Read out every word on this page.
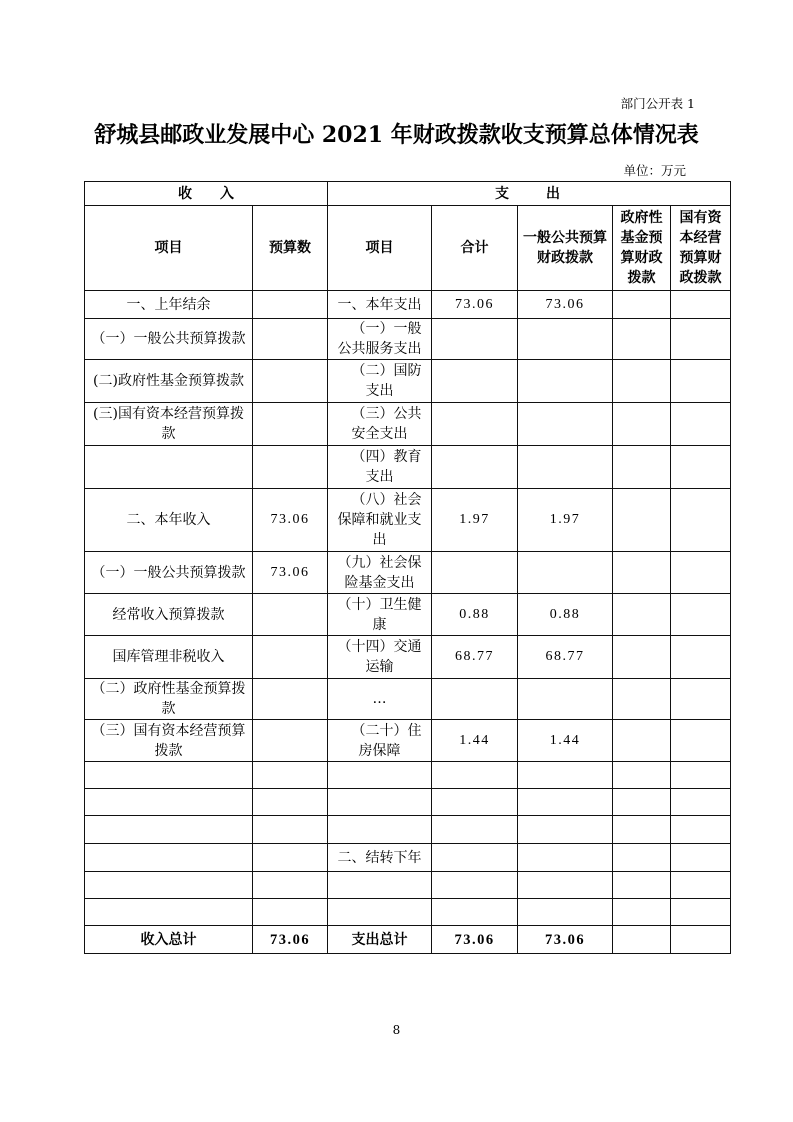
部门公开表 1
舒城县邮政业发展中心 2021 年财政拨款收支预算总体情况表
单位：万元
收　　入		支　　出				
项目	预算数	项目	合计	一般公共预算财政拨款	政府性基金预算财政拨款	国有资本经营预算财政拨款
一、上年结余		一、本年支出	73.06	73.06		
（一）一般公共预算拨款		（一）一般公共服务支出				
(二)政府性基金预算拨款		（二）国防支出				
(三)国有资本经营预算拨款		（三）公共安全支出				
		（四）教育支出				
二、本年收入	73.06	（八）社会保障和就业支出	1.97	1.97		
（一）一般公共预算拨款	73.06	（九）社会保险基金支出				
经常收入预算拨款		（十）卫生健康	0.88	0.88		
国库管理非税收入		（十四）交通运输	68.77	68.77		
（二）政府性基金预算拨款		…				
（三）国有资本经营预算拨款		（二十）住房保障	1.44	1.44		

		二、结转下年				

收入总计	73.06	支出总计	73.06	73.06		
8
